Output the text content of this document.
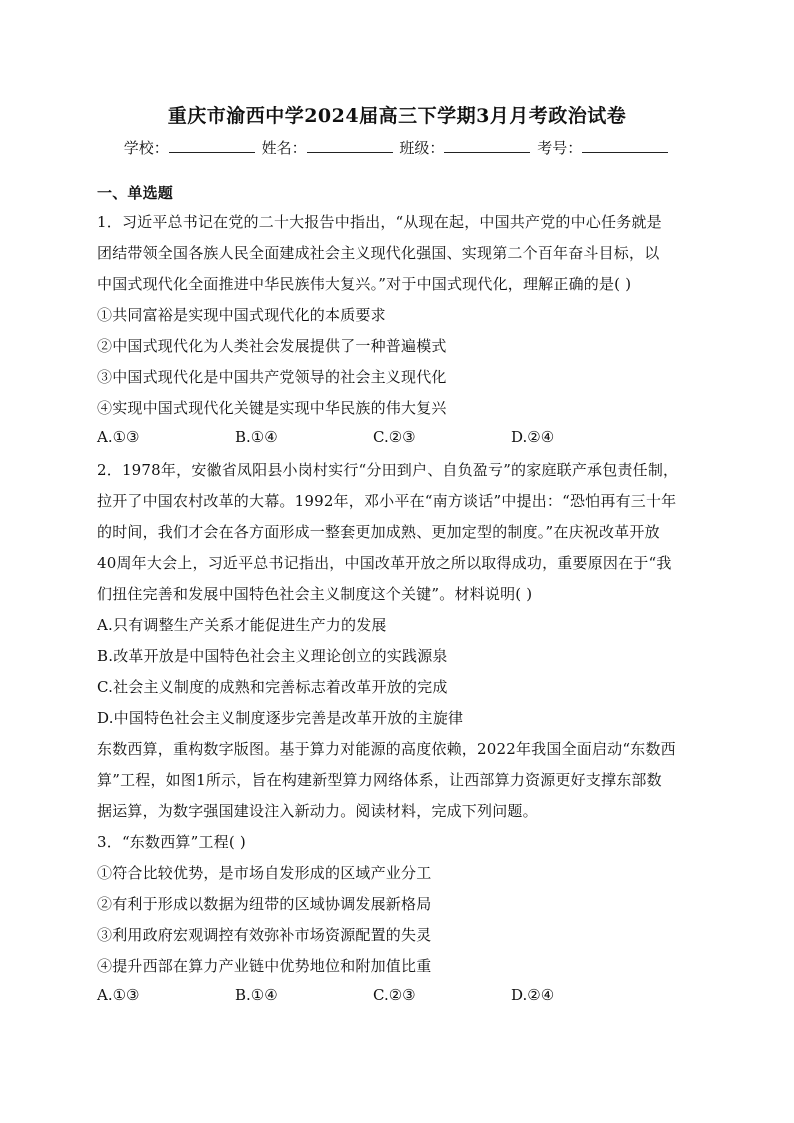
重庆市渝西中学2024届高三下学期3月月考政治试卷
学校：	姓名：	班级：	考号：
一、单选题
1．习近平总书记在党的二十大报告中指出，“从现在起，中国共产党的中心任务就是
团结带领全国各族人民全面建成社会主义现代化强国、实现第二个百年奋斗目标，以
中国式现代化全面推进中华民族伟大复兴。”对于中国式现代化，理解正确的是( )
①共同富裕是实现中国式现代化的本质要求
②中国式现代化为人类社会发展提供了一种普遍模式
③中国式现代化是中国共产党领导的社会主义现代化
④实现中国式现代化关键是实现中华民族的伟大复兴
A.①③	B.①④	C.②③	D.②④
2．1978年，安徽省凤阳县小岗村实行“分田到户、自负盈亏”的家庭联产承包责任制，
拉开了中国农村改革的大幕。1992年，邓小平在“南方谈话”中提出：“恐怕再有三十年
的时间，我们才会在各方面形成一整套更加成熟、更加定型的制度。”在庆祝改革开放
40周年大会上，习近平总书记指出，中国改革开放之所以取得成功，重要原因在于“我
们扭住完善和发展中国特色社会主义制度这个关键”。材料说明( )
A.只有调整生产关系才能促进生产力的发展
B.改革开放是中国特色社会主义理论创立的实践源泉
C.社会主义制度的成熟和完善标志着改革开放的完成
D.中国特色社会主义制度逐步完善是改革开放的主旋律
东数西算，重构数字版图。基于算力对能源的高度依赖，2022年我国全面启动“东数西
算”工程，如图1所示，旨在构建新型算力网络体系，让西部算力资源更好支撑东部数
据运算，为数字强国建设注入新动力。阅读材料，完成下列问题。
3．“东数西算”工程( )
①符合比较优势，是市场自发形成的区域产业分工
②有利于形成以数据为纽带的区域协调发展新格局
③利用政府宏观调控有效弥补市场资源配置的失灵
④提升西部在算力产业链中优势地位和附加值比重
A.①③	B.①④	C.②③	D.②④
